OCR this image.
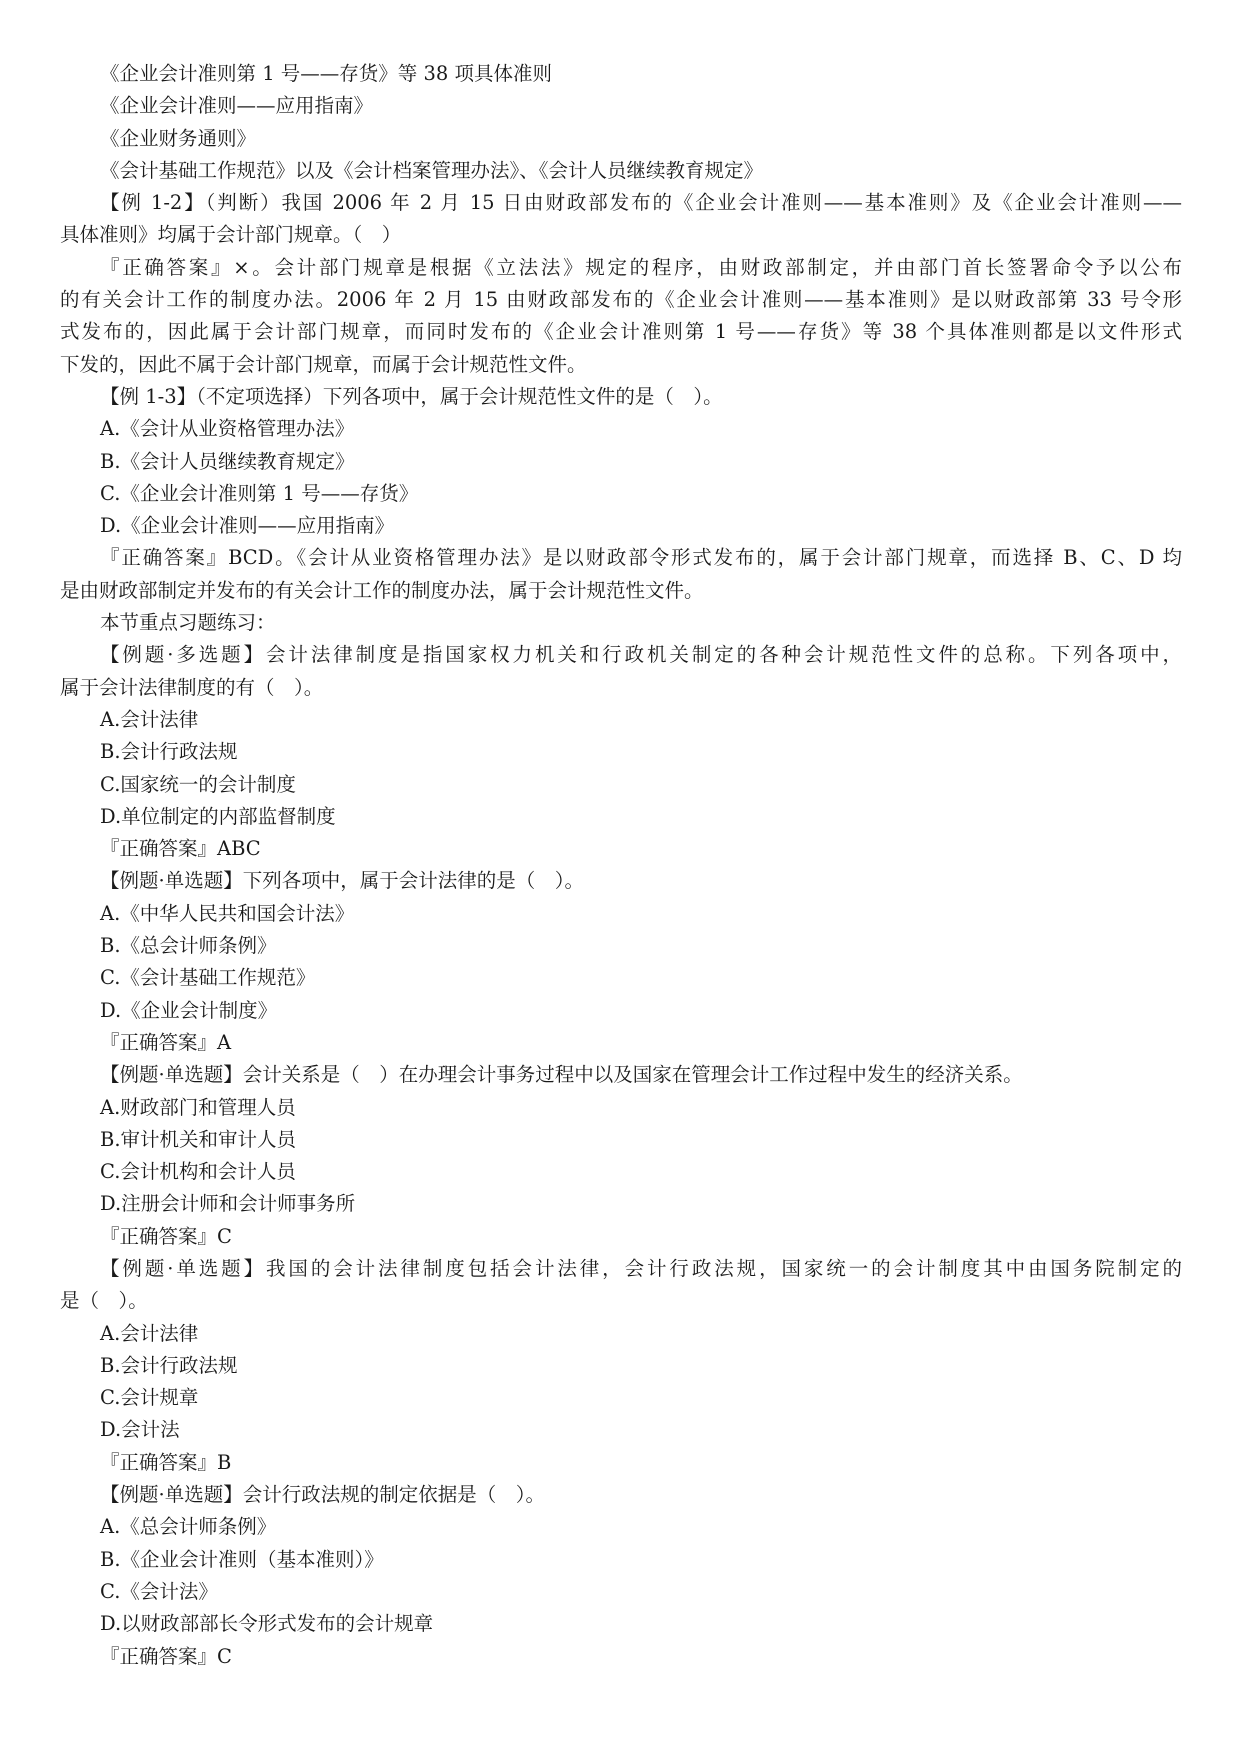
《企业会计准则第 1 号——存货》等 38 项具体准则
《企业会计准则——应用指南》
《企业财务通则》
《会计基础工作规范》以及《会计档案管理办法》、《会计人员继续教育规定》
【例 1-2】（判断）我国 2006 年 2 月 15 日由财政部发布的《企业会计准则——基本准则》及《企业会计准则——
具体准则》均属于会计部门规章。（　）
『正确答案』×。会计部门规章是根据《立法法》规定的程序，由财政部制定，并由部门首长签署命令予以公布
的有关会计工作的制度办法。2006 年 2 月 15 由财政部发布的《企业会计准则——基本准则》是以财政部第 33 号令形
式发布的，因此属于会计部门规章，而同时发布的《企业会计准则第 1 号——存货》等 38 个具体准则都是以文件形式
下发的，因此不属于会计部门规章，而属于会计规范性文件。
【例 1-3】（不定项选择）下列各项中，属于会计规范性文件的是（　）。
A.《会计从业资格管理办法》
B.《会计人员继续教育规定》
C.《企业会计准则第 1 号——存货》
D.《企业会计准则——应用指南》
『正确答案』BCD。《会计从业资格管理办法》是以财政部令形式发布的，属于会计部门规章，而选择 B、C、D 均
是由财政部制定并发布的有关会计工作的制度办法，属于会计规范性文件。
本节重点习题练习：
【例题·多选题】会计法律制度是指国家权力机关和行政机关制定的各种会计规范性文件的总称。下列各项中，
属于会计法律制度的有（　）。
A.会计法律
B.会计行政法规
C.国家统一的会计制度
D.单位制定的内部监督制度
『正确答案』ABC
【例题·单选题】下列各项中，属于会计法律的是（　）。
A.《中华人民共和国会计法》
B.《总会计师条例》
C.《会计基础工作规范》
D.《企业会计制度》
『正确答案』A
【例题·单选题】会计关系是（　）在办理会计事务过程中以及国家在管理会计工作过程中发生的经济关系。
A.财政部门和管理人员
B.审计机关和审计人员
C.会计机构和会计人员
D.注册会计师和会计师事务所
『正确答案』C
【例题·单选题】我国的会计法律制度包括会计法律，会计行政法规，国家统一的会计制度其中由国务院制定的
是（　）。
A.会计法律
B.会计行政法规
C.会计规章
D.会计法
『正确答案』B
【例题·单选题】会计行政法规的制定依据是（　）。
A.《总会计师条例》
B.《企业会计准则（基本准则）》
C.《会计法》
D.以财政部部长令形式发布的会计规章
『正确答案』C
